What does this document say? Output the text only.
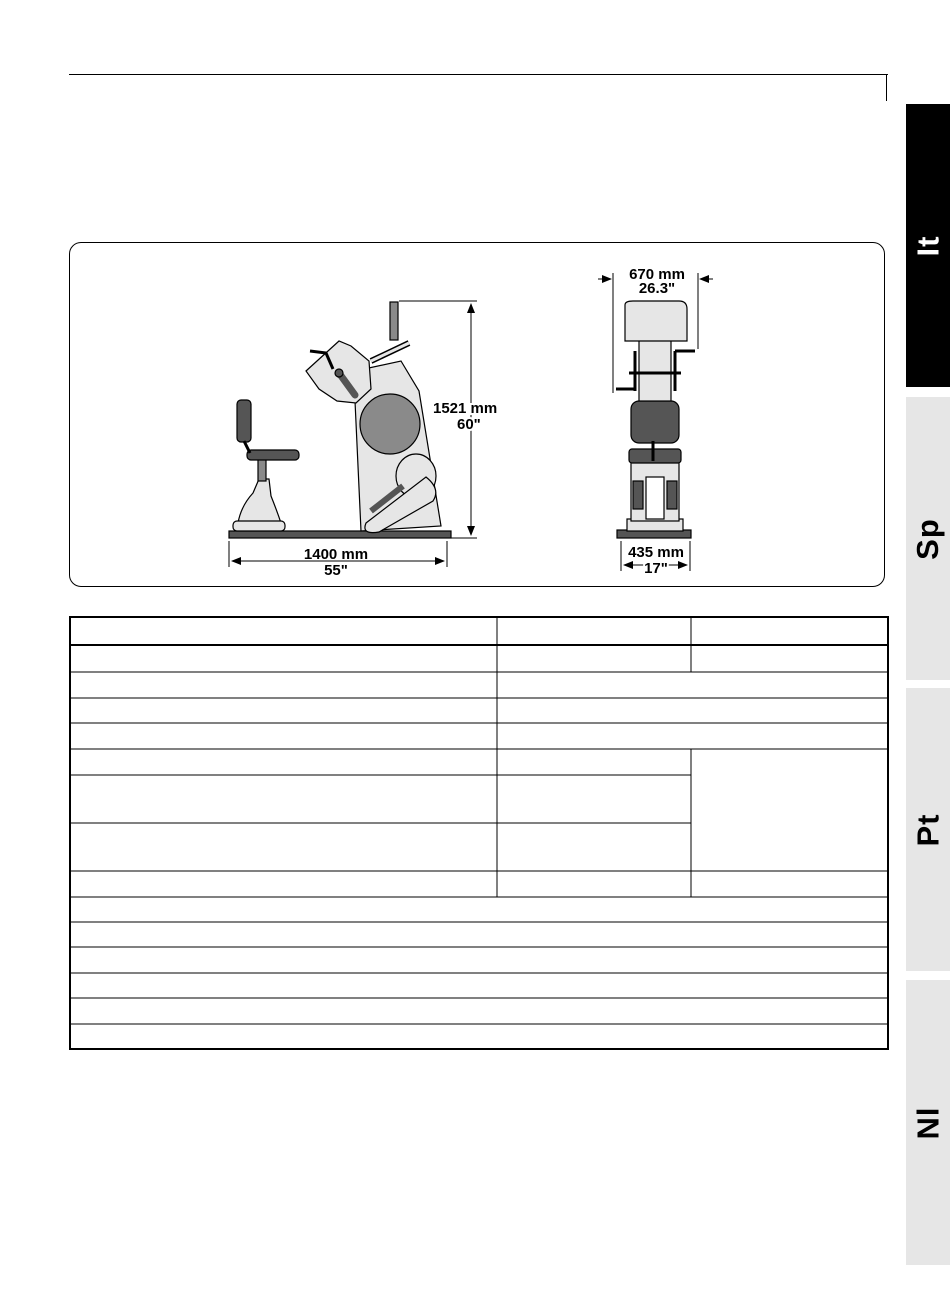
It
Sp
Pt
Nl
1521 mm
60"
1400 mm
55"
670 mm
26.3"
435 mm
17"
